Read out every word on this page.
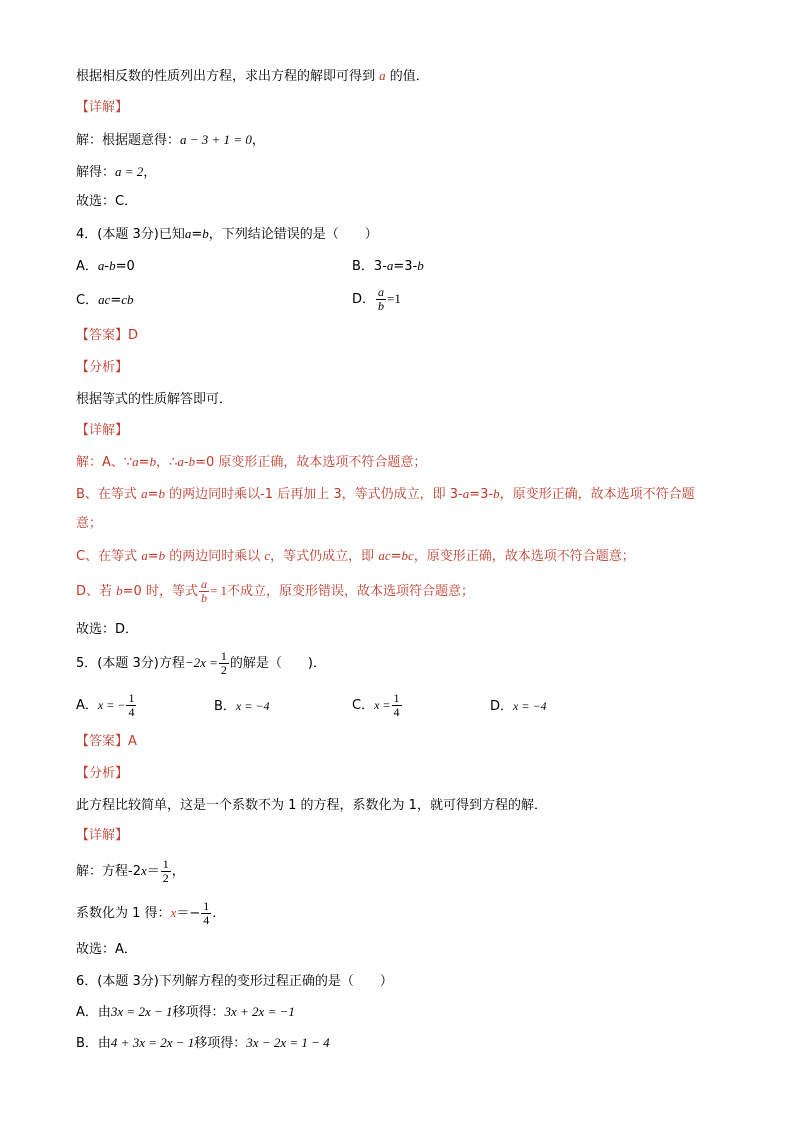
根据相反数的性质列出方程，求出方程的解即可得到 a 的值．
【详解】
解：根据题意得：a − 3 + 1 = 0，
解得：a = 2，
故选：C．
4．(本题 3分)已知a=b，下列结论错误的是（　　）
A．a-b=0	B．3-a=3-b
C．ac=cb	D． $\frac{a}{b} =1$
【答案】D
【分析】
根据等式的性质解答即可．
【详解】
解：A、∵a=b，∴a-b=0 原变形正确，故本选项不符合题意；
B、在等式 a=b 的两边同时乘以-1 后再加上 3，等式仍成立，即 3-a=3-b，原变形正确，故本选项不符合题
意；
C、在等式 a=b 的两边同时乘以 c，等式仍成立，即 ac=bc，原变形正确，故本选项不符合题意；
D、若 b=0 时，等式 $\frac{a}{b} = 1$不成立，原变形错误，故本选项符合题意；
故选：D．
5．(本题 3分)方程$-2x = \frac{1}{2}$ 的解是（　　)．
A．x = − $\frac{1}{4}$	B．x = −4	C．$x = \frac{1}{4}$	D．x = −4
【答案】A
【分析】
此方程比较简单，这是一个系数不为 1 的方程，系数化为 1，就可得到方程的解．
【详解】
解：方程$-2x= \frac{1}{2}$ ，
系数化为 1 得：$x=- \frac{1}{4}$ ．
故选：A．
6．(本题 3分)下列解方程的变形过程正确的是（　　）
A．由3x = 2x − 1移项得：3x + 2x = −1
B．由4 + 3x = 2x − 1移项得：3x − 2x = 1 − 4
